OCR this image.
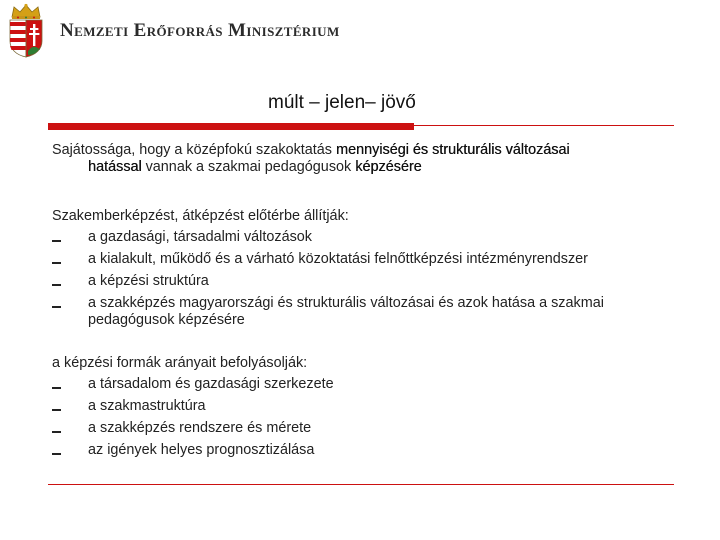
Nemzeti Erőforrás Minisztérium
múlt – jelen– jövő

Sajátossága, hogy a középfokú szakoktatás mennyiségi és strukturális változásai
hatással vannak a szakmai pedagógusok képzésére

Szakemberképzést, átképzést előtérbe állítják:

a gazdasági, társadalmi változások
a kialakult, működő és a várható közoktatási felnőttképzési intézményrendszer
a képzési struktúra
a szakképzés magyarországi és strukturális változásai és azok hatása a szakmai pedagógusok képzésére

a képzési formák arányait befolyásolják:

a társadalom és gazdasági szerkezete
a szakmastruktúra
a szakképzés rendszere és mérete
az igények helyes prognosztizálása
